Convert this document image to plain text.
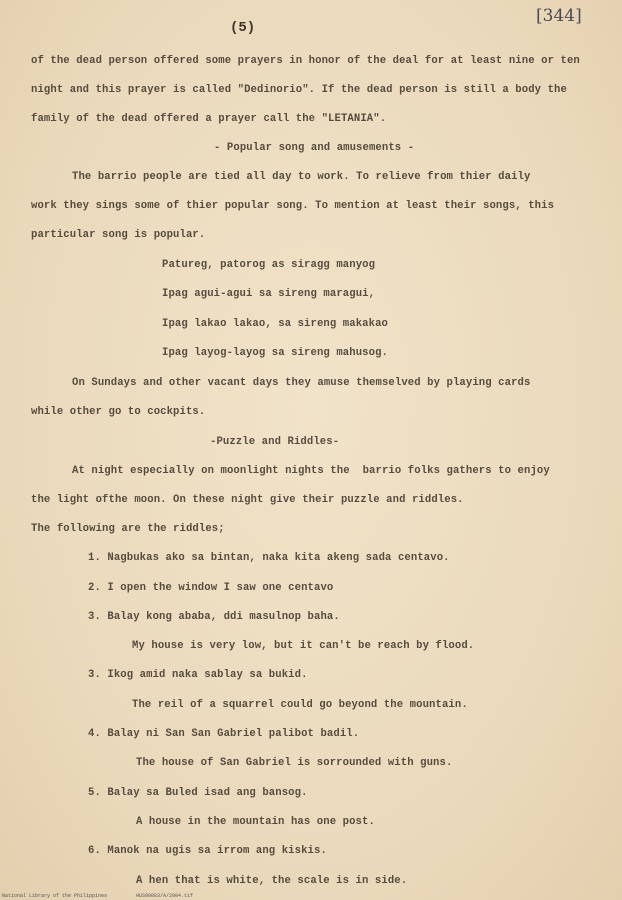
(5)
[344]
of the dead person offered some prayers in honor of the deal for at least nine or ten
night and this prayer is called "Dedinorio". If the dead person is still a body the
family of the dead offered a prayer call the "LETANIA".
- Popular song and amusements -
The barrio people are tied all day to work. To relieve from thier daily
work they sings some of thier popular song. To mention at least their songs, this
particular song is popular.
Patureg, patorog as siragg manyog
Ipag agui-agui sa sireng maragui,
Ipag lakao lakao, sa sireng makakao
Ipag layog-layog sa sireng mahusog.
On Sundays and other vacant days they amuse themselved by playing cards
while other go to cockpits.
-Puzzle and Riddles-
At night especially on moonlight nights the  barrio folks gathers to enjoy
the light ofthe moon. On these night give their puzzle and riddles.
The following are the riddles;
1. Nagbukas ako sa bintan, naka kita akeng sada centavo.
2. I open the window I saw one centavo
3. Balay kong ababa, ddi masulnop baha.
My house is very low, but it can't be reach by flood.
3. Ikog amid naka sablay sa bukid.
The reil of a squarrel could go beyond the mountain.
4. Balay ni San San Gabriel palibot badil.
The house of San Gabriel is sorrounded with guns.
5. Balay sa Buled isad ang bansog.
A house in the mountain has one post.
6. Manok na ugis sa irrom ang kiskis.
A hen that is white, the scale is in side.
National Library of the Philippines	HUS00083/A/2004.tif
